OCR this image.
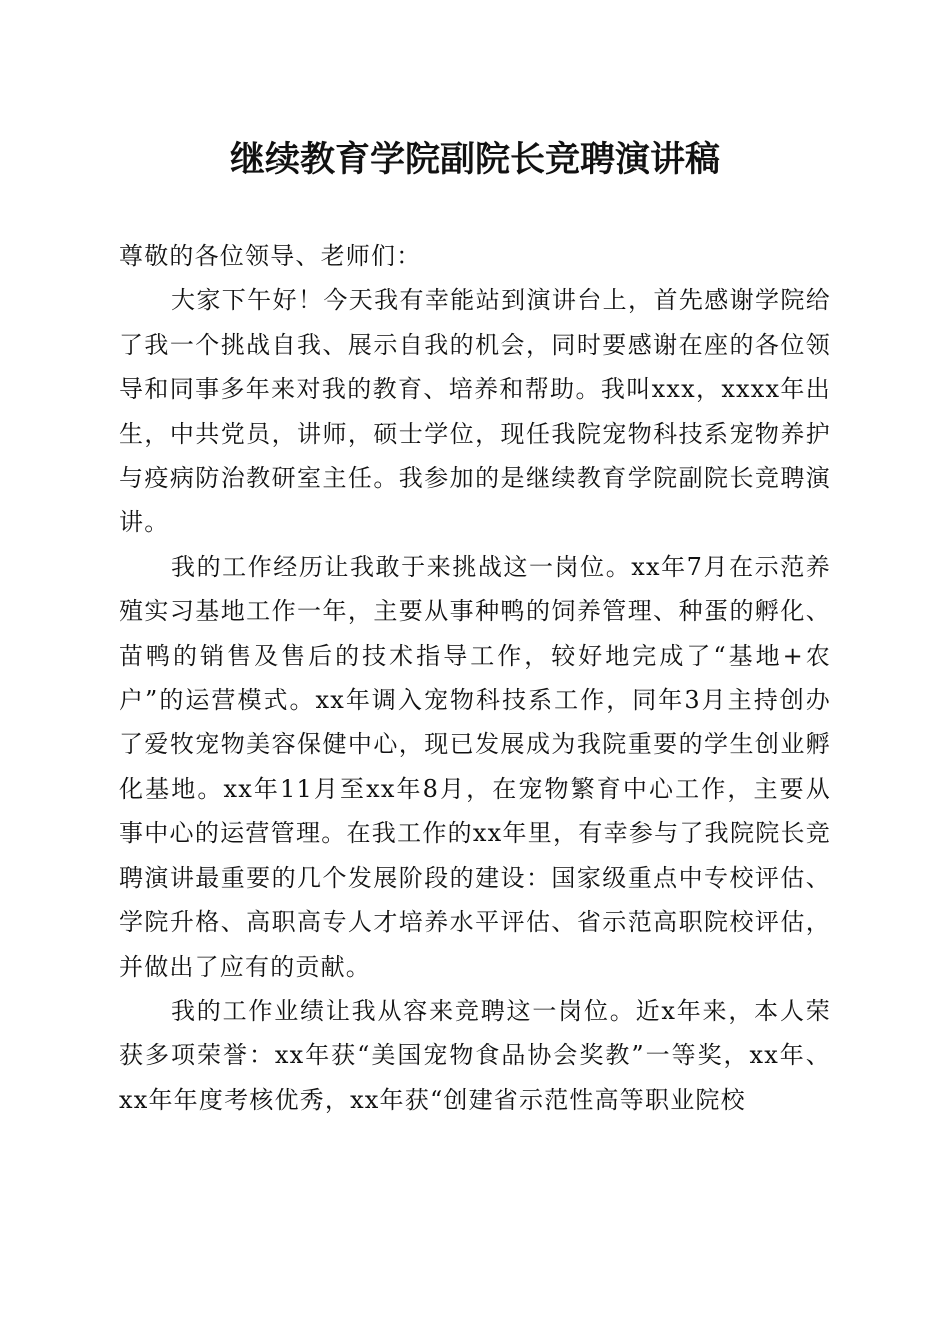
继续教育学院副院长竞聘演讲稿

尊敬的各位领导、老师们：

大家下午好！今天我有幸能站到演讲台上，首先感谢学院给了我一个挑战自我、展示自我的机会，同时要感谢在座的各位领导和同事多年来对我的教育、培养和帮助。我叫xxx，xxxx年出生，中共党员，讲师，硕士学位，现任我院宠物科技系宠物养护与疫病防治教研室主任。我参加的是继续教育学院副院长竞聘演讲。

我的工作经历让我敢于来挑战这一岗位。xx年7月在示范养殖实习基地工作一年，主要从事种鸭的饲养管理、种蛋的孵化、苗鸭的销售及售后的技术指导工作，较好地完成了“基地+农户”的运营模式。xx年调入宠物科技系工作，同年3月主持创办了爱牧宠物美容保健中心，现已发展成为我院重要的学生创业孵化基地。xx年11月至xx年8月，在宠物繁育中心工作，主要从事中心的运营管理。在我工作的xx年里，有幸参与了我院院长竞聘演讲最重要的几个发展阶段的建设：国家级重点中专校评估、学院升格、高职高专人才培养水平评估、省示范高职院校评估，并做出了应有的贡献。

我的工作业绩让我从容来竞聘这一岗位。近x年来，本人荣获多项荣誉：xx年获“美国宠物食品协会奖教”一等奖，xx年、xx年年度考核优秀，xx年获“创建省示范性高等职业院校
